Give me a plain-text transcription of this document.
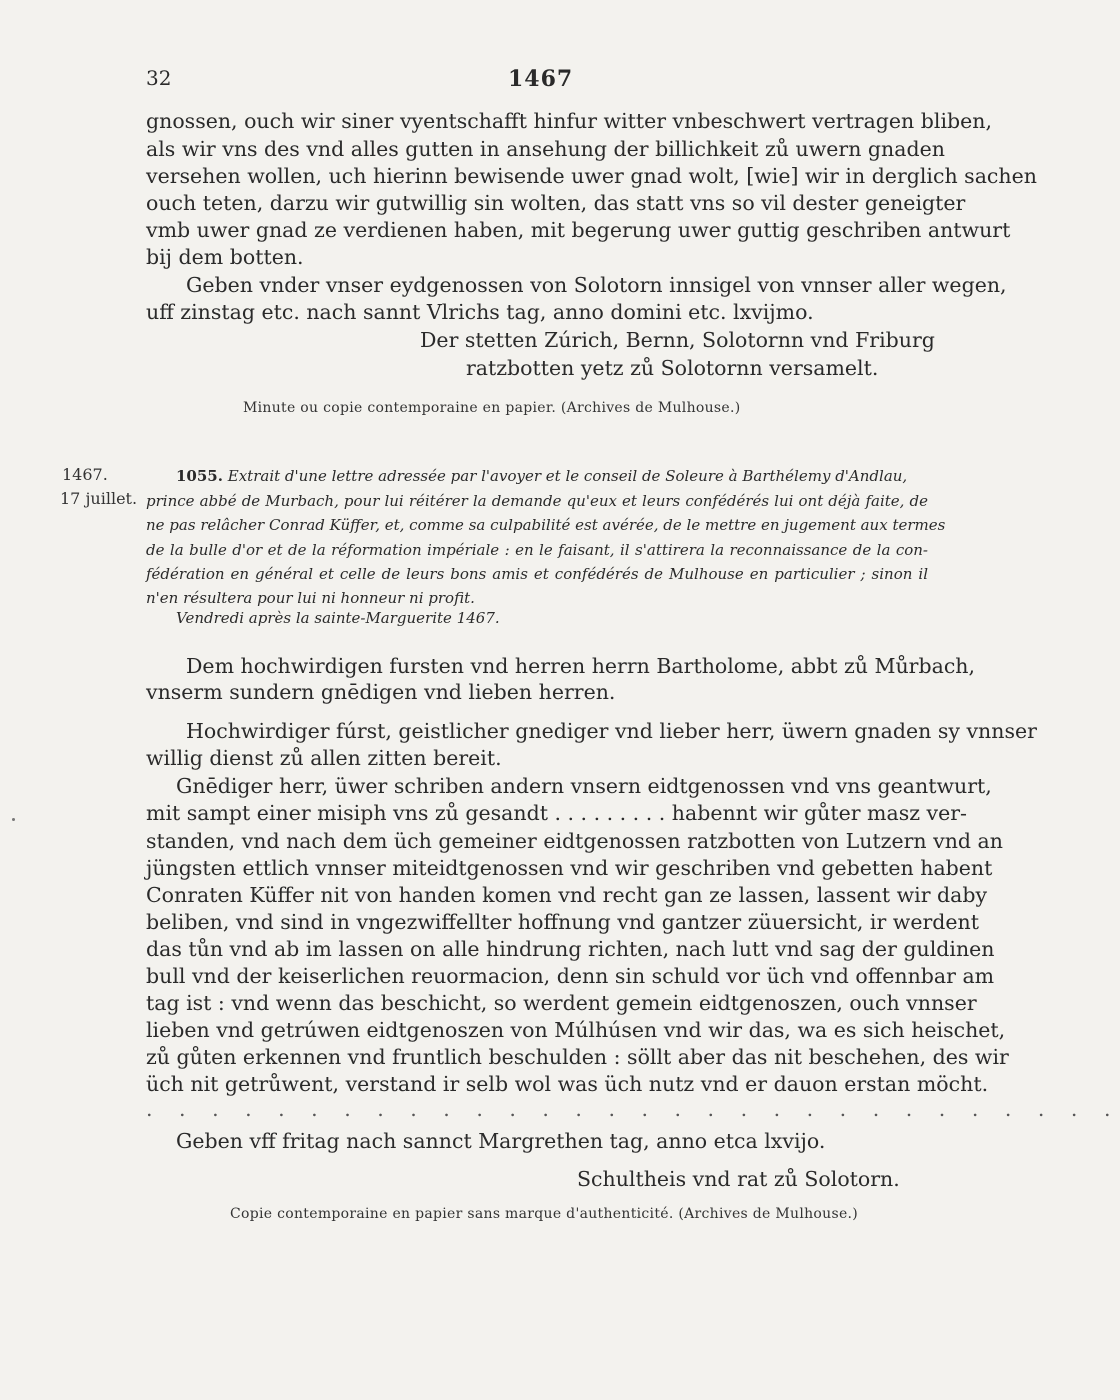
32	1467
gnossen, ouch wir siner vyentschafft hinfur witter vnbeschwert vertragen bliben,
als wir vns des vnd alles gutten in ansehung der billichkeit zů uwern gnaden
versehen wollen, uch hierinn bewisende uwer gnad wolt, [wie] wir in derglich sachen
ouch teten, darzu wir gutwillig sin wolten, das statt vns so vil dester geneigter
vmb uwer gnad ze verdienen haben, mit begerung uwer guttig geschriben antwurt
bij dem botten.
Geben vnder vnser eydgenossen von Solotorn innsigel von vnnser aller wegen,
uff zinstag etc. nach sannt Vlrichs tag, anno domini etc. lxvijmo.
Der stetten Zúrich, Bernn, Solotornn vnd Friburg
ratzbotten yetz zů Solotornn versamelt.
Minute ou copie contemporaine en papier. (Archives de Mulhouse.)
1467.
17 juillet.
1055. Extrait d'une lettre adressée par l'avoyer et le conseil de Soleure à Barthélemy d'Andlau,
prince abbé de Murbach, pour lui réitérer la demande qu'eux et leurs confédérés lui ont déjà faite, de
ne pas relâcher Conrad Küffer, et, comme sa culpabilité est avérée, de le mettre en jugement aux termes
de la bulle d'or et de la réformation impériale : en le faisant, il s'attirera la reconnaissance de la con-
fédération en général et celle de leurs bons amis et confédérés de Mulhouse en particulier ; sinon il
n'en résultera pour lui ni honneur ni profit.
Vendredi après la sainte-Marguerite 1467.
Dem hochwirdigen fursten vnd herren herrn Bartholome, abbt zů Můrbach,
vnserm sundern gnēdigen vnd lieben herren.
Hochwirdiger fúrst, geistlicher gnediger vnd lieber herr, üwern gnaden sy vnnser
willig dienst zů allen zitten bereit.
Gnēdiger herr, üwer schriben andern vnsern eidtgenossen vnd vns geantwurt,
mit sampt einer misiph vns zů gesandt . . . . . . . . . habennt wir gůter masz ver-
standen, vnd nach dem üch gemeiner eidtgenossen ratzbotten von Lutzern vnd an
jüngsten ettlich vnnser miteidtgenossen vnd wir geschriben vnd gebetten habent
Conraten Küffer nit von handen komen vnd recht gan ze lassen, lassent wir daby
beliben, vnd sind in vngezwiffellter hoffnung vnd gantzer züuersicht, ir werdent
das tůn vnd ab im lassen on alle hindrung richten, nach lutt vnd sag der guldinen
bull vnd der keiserlichen reuormacion, denn sin schuld vor üch vnd offennbar am
tag ist : vnd wenn das beschicht, so werdent gemein eidtgenoszen, ouch vnnser
lieben vnd getrúwen eidtgenoszen von Múlhúsen vnd wir das, wa es sich heischet,
zů gůten erkennen vnd fruntlich beschulden : söllt aber das nit beschehen, des wir
üch nit getrůwent, verstand ir selb wol was üch nutz vnd er dauon erstan möcht.
. . . . . . . . . . . . . . . . . . . . . . . . . . . . . .
Geben vff fritag nach sannct Margrethen tag, anno etca lxvijo.
Schultheis vnd rat zů Solotorn.
Copie contemporaine en papier sans marque d'authenticité. (Archives de Mulhouse.)
